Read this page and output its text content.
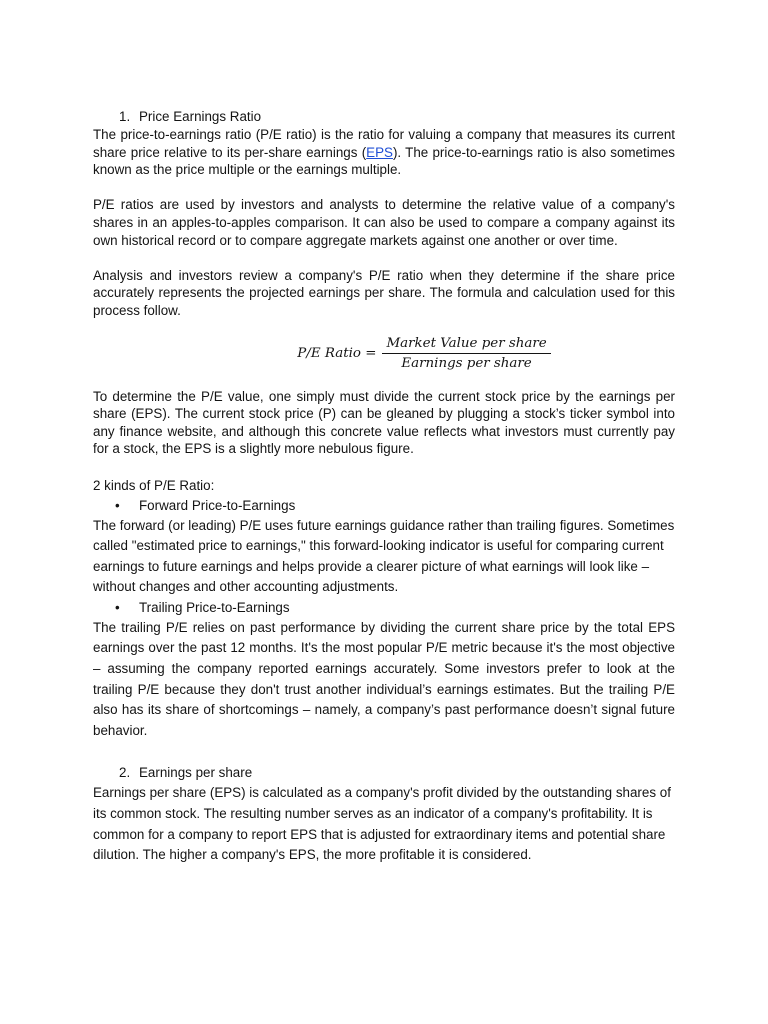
1. Price Earnings Ratio

The price-to-earnings ratio (P/E ratio) is the ratio for valuing a company that measures its current share price relative to its per-share earnings (EPS). The price-to-earnings ratio is also sometimes known as the price multiple or the earnings multiple.

P/E ratios are used by investors and analysts to determine the relative value of a company's shares in an apples-to-apples comparison. It can also be used to compare a company against its own historical record or to compare aggregate markets against one another or over time.

Analysis and investors review a company's P/E ratio when they determine if the share price accurately represents the projected earnings per share. The formula and calculation used for this process follow.

P/E Ratio = $\frac{\text{Market Value per share}}{\text{Earnings per share}}$

To determine the P/E value, one simply must divide the current stock price by the earnings per share (EPS). The current stock price (P) can be gleaned by plugging a stock’s ticker symbol into any finance website, and although this concrete value reflects what investors must currently pay for a stock, the EPS is a slightly more nebulous figure.

2 kinds of P/E Ratio:

•	Forward Price-to-Earnings

The forward (or leading) P/E uses future earnings guidance rather than trailing figures. Sometimes called "estimated price to earnings," this forward-looking indicator is useful for comparing current earnings to future earnings and helps provide a clearer picture of what earnings will look like – without changes and other accounting adjustments.

•	Trailing Price-to-Earnings

The trailing P/E relies on past performance by dividing the current share price by the total EPS earnings over the past 12 months. It's the most popular P/E metric because it's the most objective – assuming the company reported earnings accurately. Some investors prefer to look at the trailing P/E because they don't trust another individual’s earnings estimates. But the trailing P/E also has its share of shortcomings – namely, a company’s past performance doesn’t signal future behavior.

2. Earnings per share

Earnings per share (EPS) is calculated as a company's profit divided by the outstanding shares of its common stock. The resulting number serves as an indicator of a company's profitability. It is common for a company to report EPS that is adjusted for extraordinary items and potential share dilution. The higher a company's EPS, the more profitable it is considered.
